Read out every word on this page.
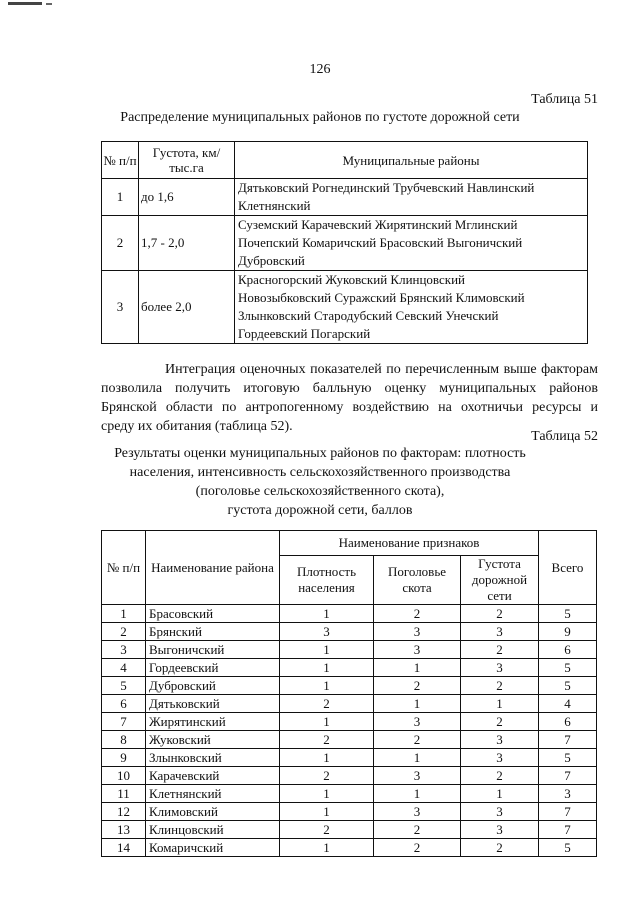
126
Таблица 51
Распределение муниципальных районов по густоте дорожной сети
№ п/п	Густота, км/тыс.га	Муниципальные районы
1	до 1,6	Дятьковский Рогнединский Трубчевский Навлинский
Клетнянский

2	1,7 - 2,0	Суземский Карачевский Жирятинский Мглинский
Почепский Комаричский Брасовский Выгоничский
Дубровский

3	более 2,0	Красногорский Жуковский Клинцовский
Новозыбковский Суражский Брянский Климовский
Злынковский Стародубский Севский Унечский
Гордеевский Погарский
Интеграция оценочных показателей по перечисленным выше факторам
позволила получить итоговую балльную оценку муниципальных районов
Брянской области по антропогенному воздействию на охотничьи ресурсы и
среду их обитания (таблица 52).
Таблица 52
Результаты оценки муниципальных районов по факторам: плотность
населения, интенсивность сельскохозяйственного производства
(поголовье сельскохозяйственного скота),
густота дорожной сети, баллов
№ п/п	Наименование района	Наименование признаков			Всего
		Плотность населения	Поголовье скота	Густота дорожной сети	
1	Брасовский	1	2	2	5
2	Брянский	3	3	3	9
3	Выгоничский	1	3	2	6
4	Гордеевский	1	1	3	5
5	Дубровский	1	2	2	5
6	Дятьковский	2	1	1	4
7	Жирятинский	1	3	2	6
8	Жуковский	2	2	3	7
9	Злынковский	1	1	3	5
10	Карачевский	2	3	2	7
11	Клетнянский	1	1	1	3
12	Климовский	1	3	3	7
13	Клинцовский	2	2	3	7
14	Комаричский	1	2	2	5
